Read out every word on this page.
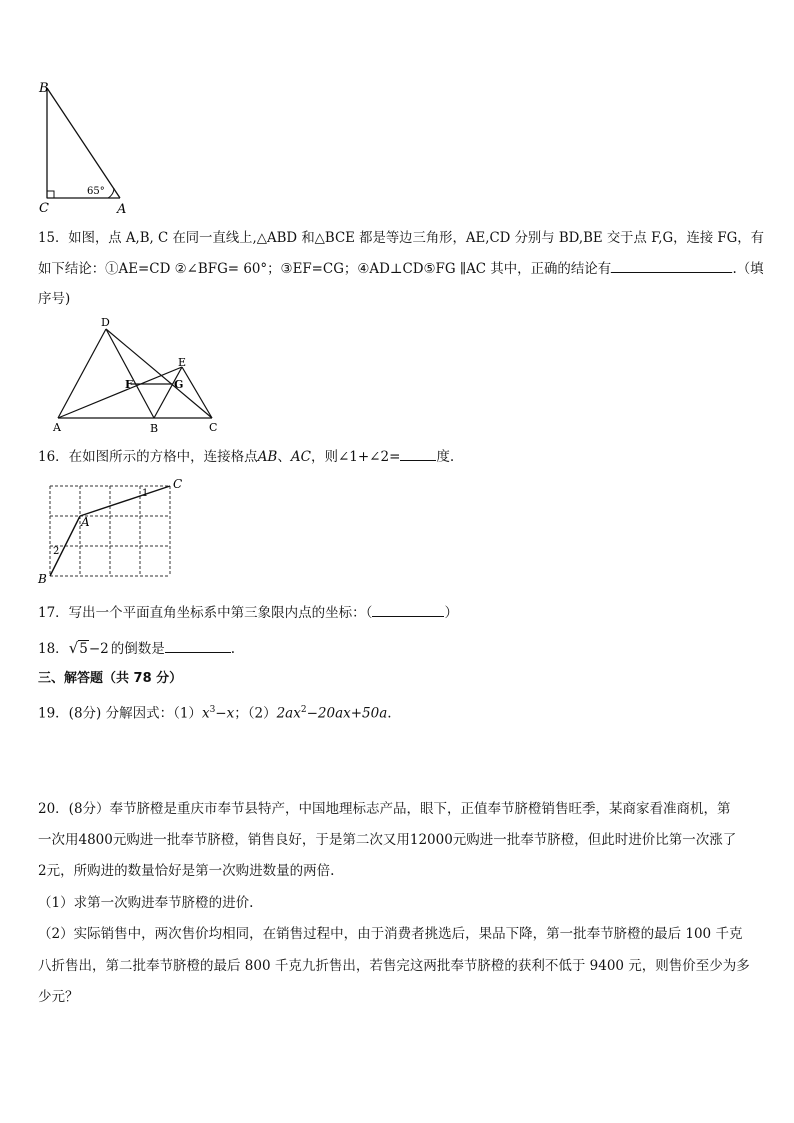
B
C	A
65°
15．如图，点 A,B, C 在同一直线上,△ABD 和△BCE 都是等边三角形，AE,CD 分别与 BD,BE 交于点 F,G，连接 FG，有
如下结论：①AE=CD ②∠BFG= 60°；③EF=CG；④AD⊥CD⑤FG ∥AC 其中，正确的结论有	.（填
序号)
D
E
F	G
A	B	C
16．在如图所示的方格中，连接格点AB、AC，则∠1+∠2=	度.
C
A
B
1
2
17．写出一个平面直角坐标系中第三象限内点的坐标：（	）
18．√5−2 的倒数是	.
三、解答题（共 78 分）
19．(8分) 分解因式：$(1)x^3-x$；$(2)2ax^2-20ax+50a$.
20．(8分）奉节脐橙是重庆市奉节县特产，中国地理标志产品，眼下，正值奉节脐橙销售旺季，某商家看准商机，第
一次用4800元购进一批奉节脐橙，销售良好，于是第二次又用12000元购进一批奉节脐橙，但此时进价比第一次涨了
2元，所购进的数量恰好是第一次购进数量的两倍.
（1）求第一次购进奉节脐橙的进价.
（2）实际销售中，两次售价均相同，在销售过程中，由于消费者挑选后，果品下降，第一批奉节脐橙的最后 100 千克
八折售出，第二批奉节脐橙的最后 800 千克九折售出，若售完这两批奉节脐橙的获利不低于 9400 元，则售价至少为多
少元？
